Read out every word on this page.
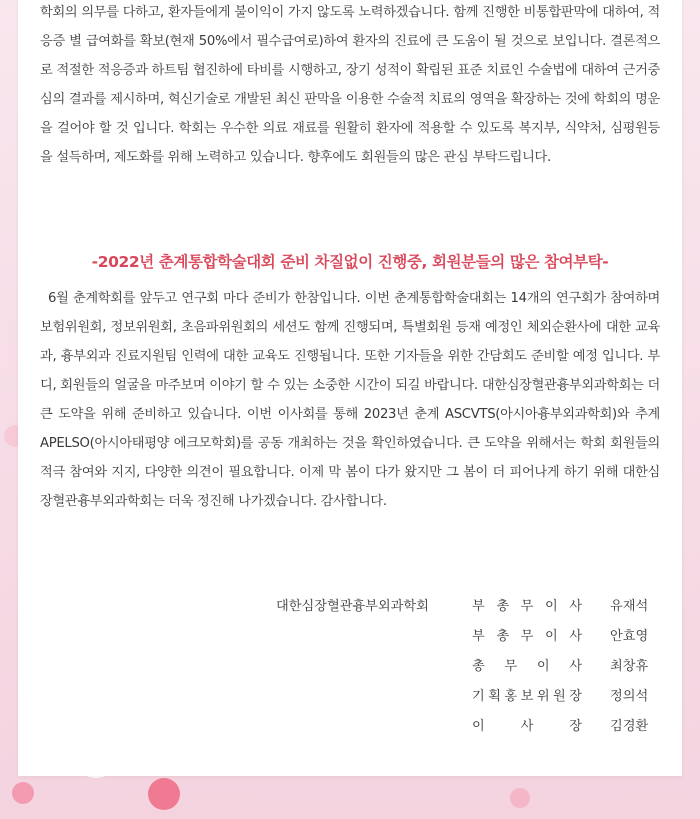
학회의 의무를 다하고, 환자들에게 불이익이 가지 않도록 노력하겠습니다. 함께 진행한 비통합판막에 대하여, 적응증 별 급여화를 확보(현재 50%에서 필수급여로)하여 환자의 진료에 큰 도움이 될 것으로 보입니다. 결론적으로 적절한 적응증과 하트팀 협진하에 타비를 시행하고, 장기 성적이 확립된 표준 치료인 수술법에 대하여 근거중심의 결과를 제시하며, 혁신기술로 개발된 최신 판막을 이용한 수술적 치료의 영역을 확장하는 것에 학회의 명운을 걸어야 할 것 입니다. 학회는 우수한 의료 재료를 원활히 환자에 적용할 수 있도록 복지부, 식약처, 심평원등을 설득하며, 제도화를 위해 노력하고 있습니다. 향후에도 회원들의 많은 관심 부탁드립니다.

-2022년 춘계통합학술대회 준비 차질없이 진행중, 회원분들의 많은 참여부탁-

6월 춘계학회를 앞두고 연구회 마다 준비가 한참입니다. 이번 춘계통합학술대회는 14개의 연구회가 참여하며 보험위원회, 정보위원회, 초음파위원회의 세션도 함께 진행되며, 특별회원 등재 예정인 체외순환사에 대한 교육과, 흉부외과 진료지원팀 인력에 대한 교육도 진행됩니다. 또한 기자들을 위한 간담회도 준비할 예정 입니다. 부디, 회원들의 얼굴을 마주보며 이야기 할 수 있는 소중한 시간이 되길 바랍니다. 대한심장혈관흉부외과학회는 더 큰 도약을 위해 준비하고 있습니다. 이번 이사회를 통해 2023년 춘계 ASCVTS(아시아흉부외과학회)와 추계 APELSO(아시아태평양 에크모학회)를 공동 개최하는 것을 확인하였습니다. 큰 도약을 위해서는 학회 회원들의 적극 참여와 지지, 다양한 의견이 필요합니다. 이제 막 봄이 다가 왔지만 그 봄이 더 피어나게 하기 위해 대한심장혈관흉부외과학회는 더욱 정진해 나가겠습니다. 감사합니다.

대한심장혈관흉부외과학회	부 총 무 이 사 유재석
부 총 무 이 사 안효영
총 무 이 사 최창휴
기 획 홍 보 위 원 장 정의석
이	사	장 김경환
